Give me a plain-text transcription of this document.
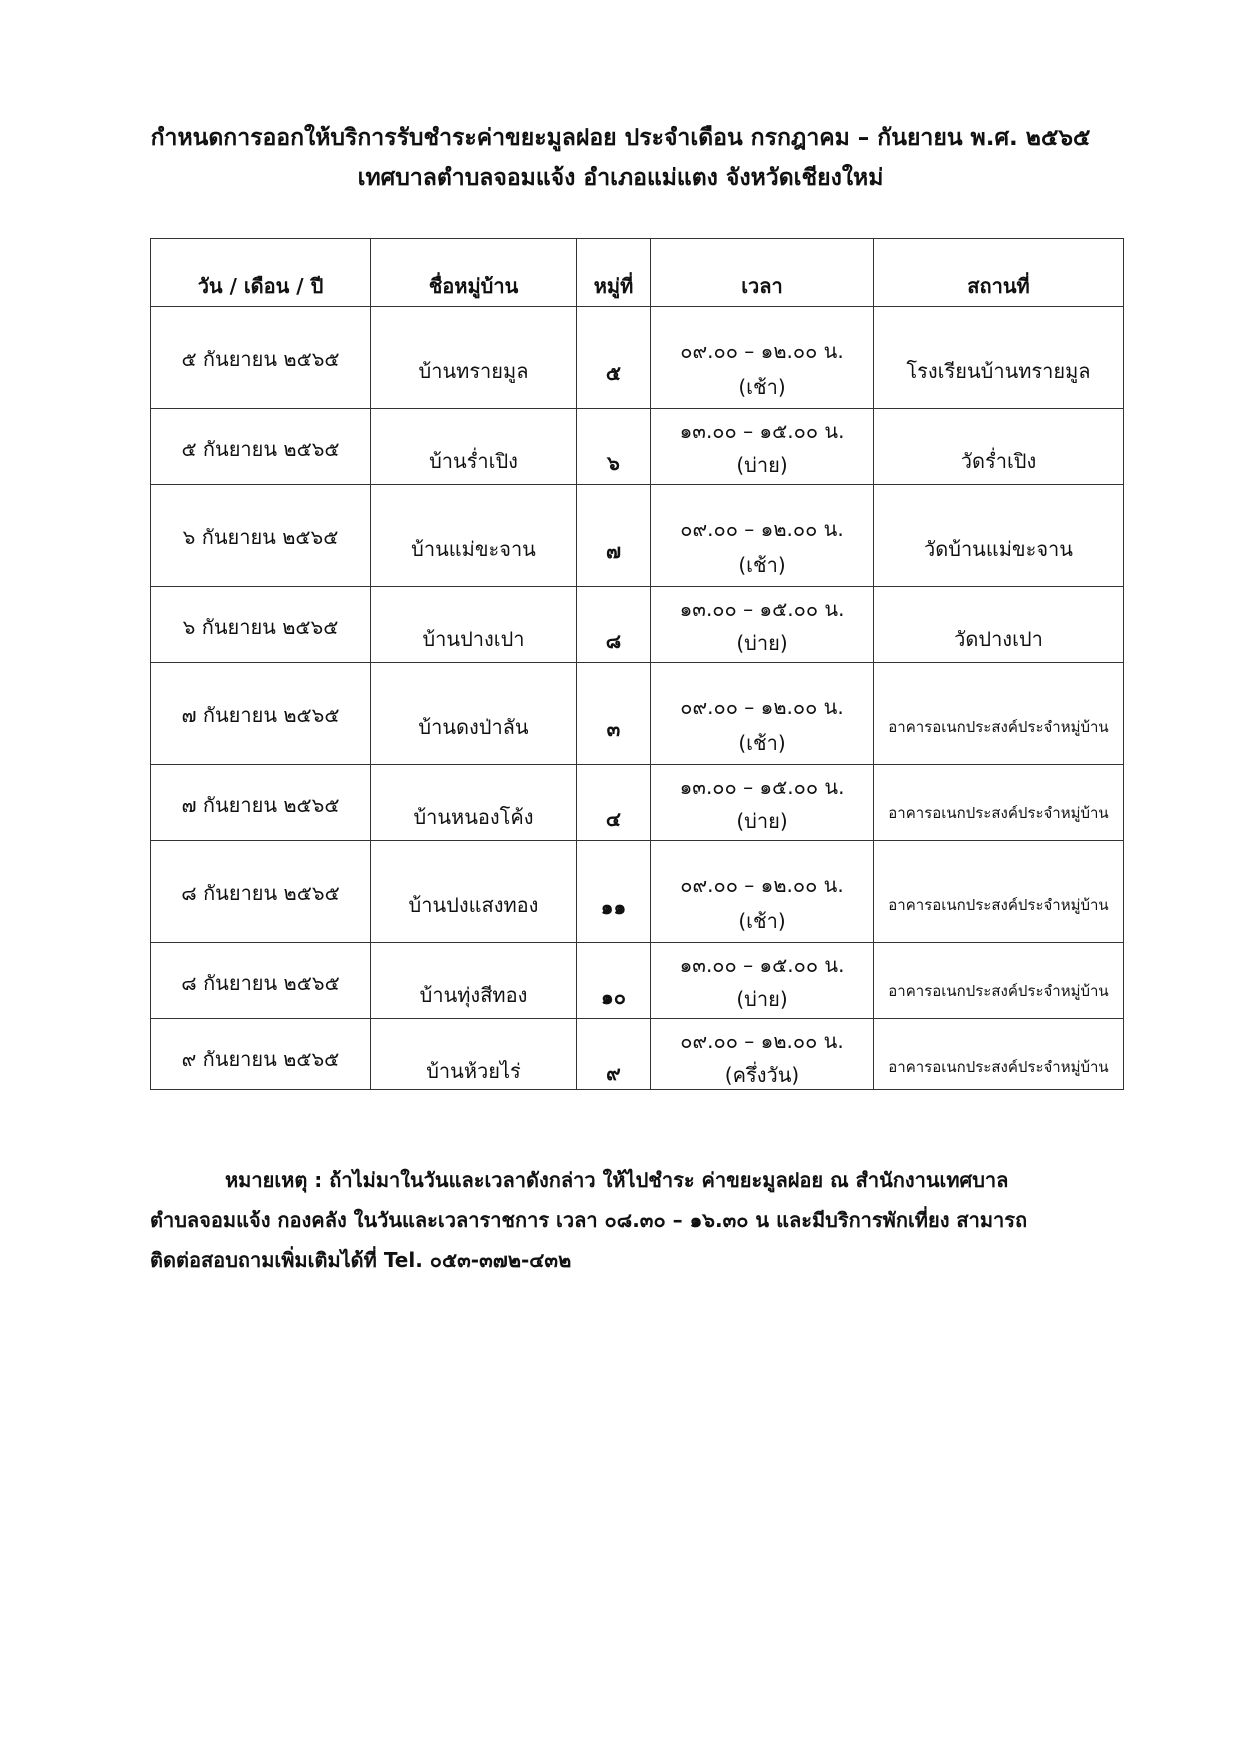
กำหนดการออกให้บริการรับชำระค่าขยะมูลฝอย ประจำเดือน กรกฎาคม – กันยายน พ.ศ. ๒๕๖๕
เทศบาลตำบลจอมแจ้ง อำเภอแม่แตง จังหวัดเชียงใหม่
วัน / เดือน / ปี	ชื่อหมู่บ้าน	หมู่ที่	เวลา	สถานที่

๕ กันยายน ๒๕๖๕	บ้านทรายมูล	๕	๐๙.๐๐ – ๑๒.๐๐ น.
(เช้า)	โรงเรียนบ้านทรายมูล

๕ กันยายน ๒๕๖๕	บ้านร่ำเปิง	๖	๑๓.๐๐ – ๑๕.๐๐ น.
(บ่าย)	วัดร่ำเปิง

๖ กันยายน ๒๕๖๕	บ้านแม่ขะจาน	๗	๐๙.๐๐ – ๑๒.๐๐ น.
(เช้า)	วัดบ้านแม่ขะจาน

๖ กันยายน ๒๕๖๕	บ้านปางเปา	๘	๑๓.๐๐ – ๑๕.๐๐ น.
(บ่าย)	วัดปางเปา

๗ กันยายน ๒๕๖๕	บ้านดงป่าลัน	๓	๐๙.๐๐ – ๑๒.๐๐ น.
(เช้า)	อาคารอเนกประสงค์ประจำหมู่บ้าน

๗ กันยายน ๒๕๖๕	บ้านหนองโค้ง	๔	๑๓.๐๐ – ๑๕.๐๐ น.
(บ่าย)	อาคารอเนกประสงค์ประจำหมู่บ้าน

๘ กันยายน ๒๕๖๕	บ้านปงแสงทอง	๑๑	๐๙.๐๐ – ๑๒.๐๐ น.
(เช้า)	อาคารอเนกประสงค์ประจำหมู่บ้าน

๘ กันยายน ๒๕๖๕	บ้านทุ่งสีทอง	๑๐	๑๓.๐๐ – ๑๕.๐๐ น.
(บ่าย)	อาคารอเนกประสงค์ประจำหมู่บ้าน

๙ กันยายน ๒๕๖๕	บ้านห้วยไร่	๙	๐๙.๐๐ – ๑๒.๐๐ น.
(ครึ่งวัน)	อาคารอเนกประสงค์ประจำหมู่บ้าน
หมายเหตุ : ถ้าไม่มาในวันและเวลาดังกล่าว ให้ไปชำระ ค่าขยะมูลฝอย ณ สำนักงานเทศบาล
ตำบลจอมแจ้ง กองคลัง ในวันและเวลาราชการ เวลา ๐๘.๓๐ – ๑๖.๓๐ น และมีบริการพักเที่ยง สามารถ
ติดต่อสอบถามเพิ่มเติมได้ที่ Tel. ๐๕๓-๓๗๒-๔๓๒
